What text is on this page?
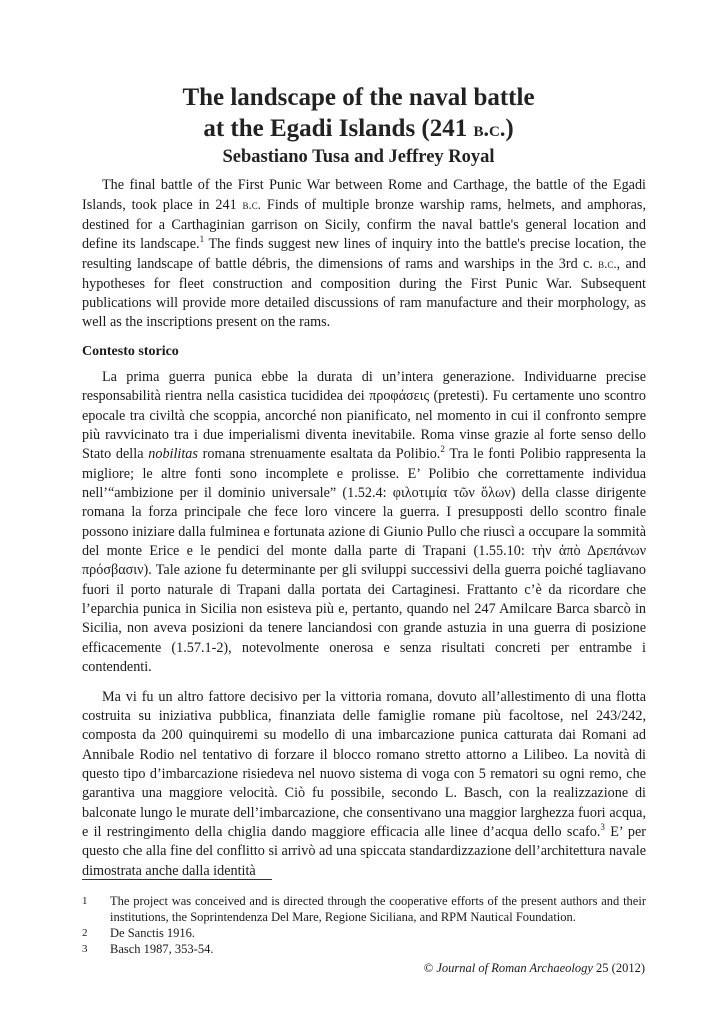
The landscape of the naval battle
at the Egadi Islands (241 b.c.)
Sebastiano Tusa and Jeffrey Royal

The final battle of the First Punic War between Rome and Carthage, the battle of the Egadi Islands, took place in 241 b.c. Finds of multiple bronze warship rams, helmets, and amphoras, destined for a Carthaginian garrison on Sicily, confirm the naval battle's general location and define its landscape.$^1$ The finds suggest new lines of inquiry into the battle's precise location, the resulting landscape of battle débris, the dimensions of rams and warships in the 3rd c. b.c., and hypotheses for fleet construction and composition during the First Punic War. Subsequent publications will provide more detailed discussions of ram manufacture and their morphology, as well as the inscriptions present on the rams.

Contesto storico

La prima guerra punica ebbe la durata di un’intera generazione. Individuarne precise responsabilità rientra nella casistica tucididea dei προφάσεις (pretesti). Fu certamente uno scontro epocale tra civiltà che scoppia, ancorché non pianificato, nel momento in cui il confronto sempre più ravvicinato tra i due imperialismi diventa inevitabile. Roma vinse grazie al forte senso dello Stato della nobilitas romana strenuamente esaltata da Polibio.$^2$ Tra le fonti Polibio rappresenta la migliore; le altre fonti sono incomplete e prolisse. E’ Polibio che correttamente individua nell’“ambizione per il dominio universale” (1.52.4: φιλοτιμία τῶν ὅλων) della classe dirigente romana la forza principale che fece loro vincere la guerra. I presupposti dello scontro finale possono iniziare dalla fulminea e fortunata azione di Giunio Pullo che riuscì a occupare la sommità del monte Erice e le pendici del monte dalla parte di Trapani (1.55.10: τὴν ἀπὸ Δρεπάνων πρόσβασιν). Tale azione fu determinante per gli sviluppi successivi della guerra poiché tagliavano fuori il porto naturale di Trapani dalla portata dei Cartaginesi. Frattanto c’è da ricordare che l’eparchia punica in Sicilia non esisteva più e, pertanto, quando nel 247 Amilcare Barca sbarcò in Sicilia, non aveva posizioni da tenere lanciandosi con grande astuzia in una guerra di posizione efficacemente (1.57.1-2), notevolmente onerosa e senza risultati concreti per entrambe i contendenti.

Ma vi fu un altro fattore decisivo per la vittoria romana, dovuto all’allestimento di una flotta costruita su iniziativa pubblica, finanziata delle famiglie romane più facoltose, nel 243/242, composta da 200 quinquiremi su modello di una imbarcazione punica catturata dai Romani ad Annibale Rodio nel tentativo di forzare il blocco romano stretto attorno a Lilibeo. La novità di questo tipo d’imbarcazione risiedeva nel nuovo sistema di voga con 5 rematori su ogni remo, che garantiva una maggiore velocità. Ciò fu possibile, secondo L. Basch, con la realizzazione di balconate lungo le murate dell’imbarcazione, che consentivano una maggior larghezza fuori acqua, e il restringimento della chiglia dando maggiore efficacia alle linee d’acqua dello scafo.$^3$ E’ per questo che alla fine del conflitto si arrivò ad una spiccata standardizzazione dell’architettura navale dimostrata anche dalla identità

1	The project was conceived and is directed through the cooperative efforts of the present authors and their institutions, the Soprintendenza Del Mare, Regione Siciliana, and RPM Nautical Foundation.
2	De Sanctis 1916.
3	Basch 1987, 353-54.
© Journal of Roman Archaeology 25 (2012)
